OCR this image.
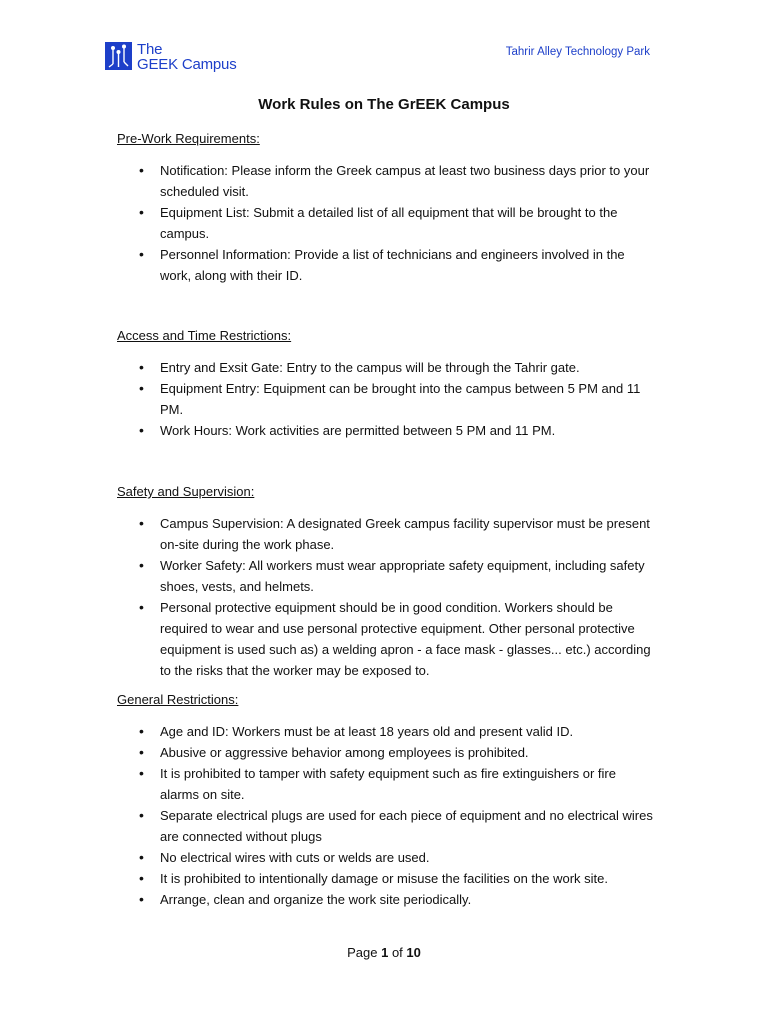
The
GEEK Campus
Tahrir Alley Technology Park
Work Rules on The GrEEK Campus
Pre-Work Requirements:
• Notification: Please inform the Greek campus at least two business days prior to your scheduled visit.
• Equipment List: Submit a detailed list of all equipment that will be brought to the campus.
• Personnel Information: Provide a list of technicians and engineers involved in the work, along with their ID.
Access and Time Restrictions:
• Entry and Exsit Gate: Entry to the campus will be through the Tahrir gate.
• Equipment Entry: Equipment can be brought into the campus between 5 PM and 11 PM.
• Work Hours: Work activities are permitted between 5 PM and 11 PM.
Safety and Supervision:
• Campus Supervision: A designated Greek campus facility supervisor must be present on-site during the work phase.
• Worker Safety: All workers must wear appropriate safety equipment, including safety shoes, vests, and helmets.
• Personal protective equipment should be in good condition. Workers should be required to wear and use personal protective equipment. Other personal protective equipment is used such as) a welding apron - a face mask - glasses... etc.) according to the risks that the worker may be exposed to.
General Restrictions:
• Age and ID: Workers must be at least 18 years old and present valid ID.
• Abusive or aggressive behavior among employees is prohibited.
• It is prohibited to tamper with safety equipment such as fire extinguishers or fire alarms on site.
• Separate electrical plugs are used for each piece of equipment and no electrical wires are connected without plugs
• No electrical wires with cuts or welds are used.
• It is prohibited to intentionally damage or misuse the facilities on the work site.
• Arrange, clean and organize the work site periodically.
Page 1 of 10
